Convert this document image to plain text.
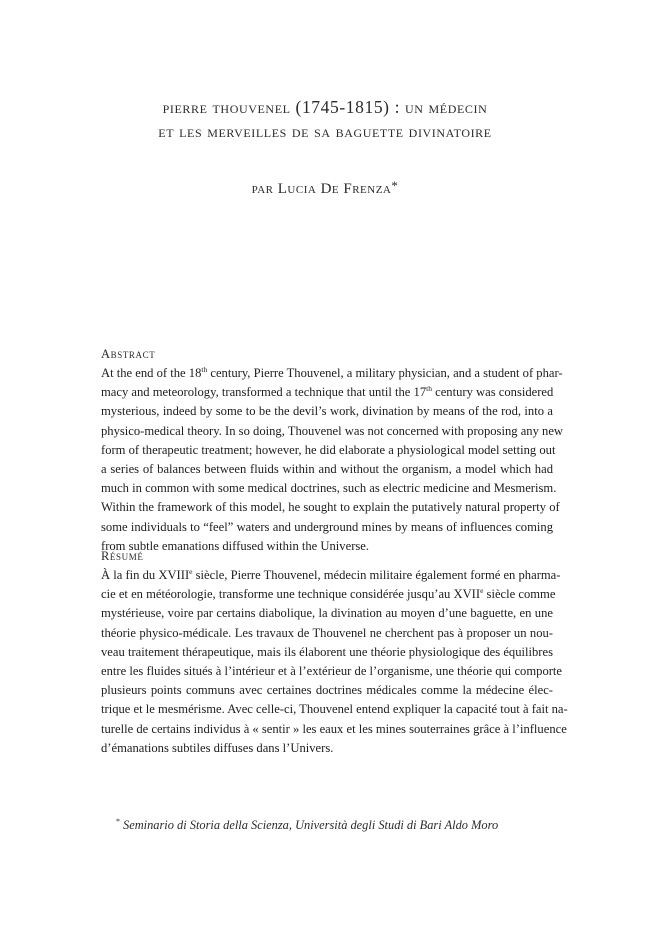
pierre thouvenel (1745-1815) : un médecin
et les merveilles de sa baguette divinatoire
par Lucia De Frenza*
Abstract
At the end of the 18th century, Pierre Thouvenel, a military physician, and a student of phar-
macy and meteorology, transformed a technique that until the 17th century was considered
mysterious, indeed by some to be the devil’s work, divination by means of the rod, into a
physico-medical theory. In so doing, Thouvenel was not concerned with proposing any new
form of therapeutic treatment; however, he did elaborate a physiological model setting out
a series of balances between fluids within and without the organism, a model which had
much in common with some medical doctrines, such as electric medicine and Mesmerism.
Within the framework of this model, he sought to explain the putatively natural property of
some individuals to “feel” waters and underground mines by means of influences coming
from subtle emanations diffused within the Universe.
Résumé
À la fin du XVIIIe siècle, Pierre Thouvenel, médecin militaire également formé en pharma-
cie et en météorologie, transforme une technique considérée jusqu’au XVIIe siècle comme
mystérieuse, voire par certains diabolique, la divination au moyen d’une baguette, en une
théorie physico-médicale. Les travaux de Thouvenel ne cherchent pas à proposer un nou-
veau traitement thérapeutique, mais ils élaborent une théorie physiologique des équilibres
entre les fluides situés à l’intérieur et à l’extérieur de l’organisme, une théorie qui comporte
plusieurs points communs avec certaines doctrines médicales comme la médecine élec-
trique et le mesmérisme. Avec celle-ci, Thouvenel entend expliquer la capacité tout à fait na-
turelle de certains individus à « sentir » les eaux et les mines souterraines grâce à l’influence
d’émanations subtiles diffuses dans l’Univers.
* Seminario di Storia della Scienza, Università degli Studi di Bari Aldo Moro
